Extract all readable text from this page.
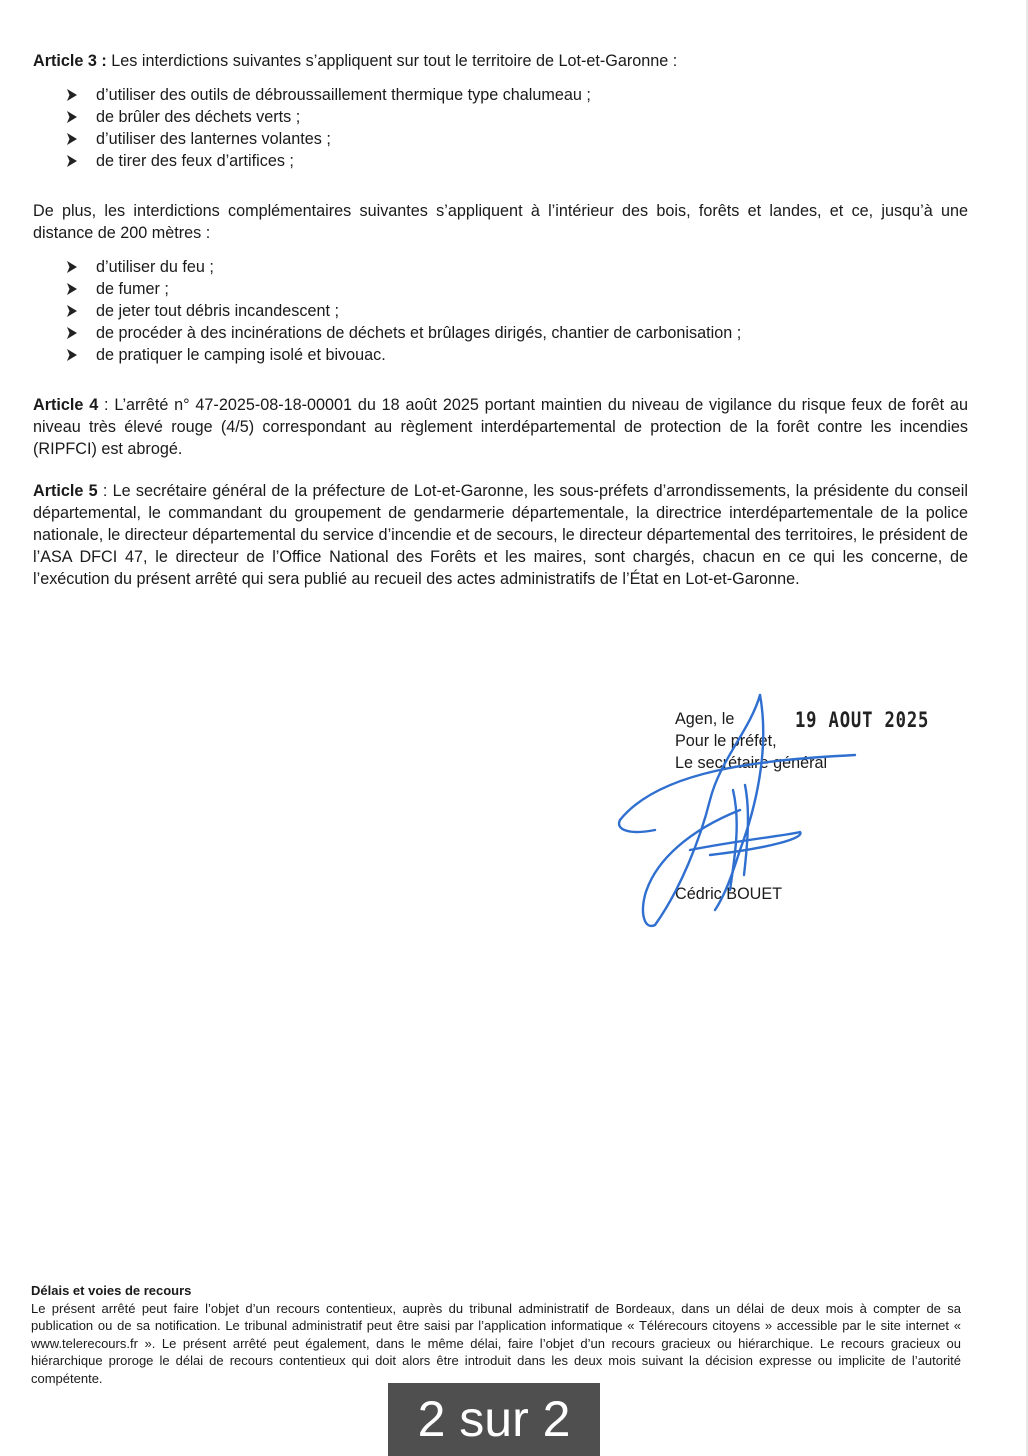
Article 3 : Les interdictions suivantes s’appliquent sur tout le territoire de Lot-et-Garonne :

d’utiliser des outils de débroussaillement thermique type chalumeau ;
de brûler des déchets verts ;
d’utiliser des lanternes volantes ;
de tirer des feux d’artifices ;

De plus, les interdictions complémentaires suivantes s’appliquent à l’intérieur des bois, forêts et landes, et ce, jusqu’à une distance de 200 mètres :

d’utiliser du feu ;
de fumer ;
de jeter tout débris incandescent ;
de procéder à des incinérations de déchets et brûlages dirigés, chantier de carbonisation ;
de pratiquer le camping isolé et bivouac.

Article 4 : L’arrêté n° 47-2025-08-18-00001 du 18 août 2025 portant maintien du niveau de vigilance du risque feux de forêt au niveau très élevé rouge (4/5) correspondant au règlement interdépartemental de protection de la forêt contre les incendies (RIPFCI) est abrogé.

Article 5 : Le secrétaire général de la préfecture de Lot-et-Garonne, les sous-préfets d’arrondissements, la présidente du conseil départemental, le commandant du groupement de gendarmerie départementale, la directrice interdépartementale de la police nationale, le directeur départemental du service d’incendie et de secours, le directeur départemental des territoires, le président de l’ASA DFCI 47, le directeur de l’Office National des Forêts et les maires, sont chargés, chacun en ce qui les concerne, de l’exécution du présent arrêté qui sera publié au recueil des actes administratifs de l’État en Lot-et-Garonne.

Agen, le
Pour le préfet,
19 AOUT 2025
Le secrétaire général
Cédric BOUET
Délais et voies de recours
Le présent arrêté peut faire l’objet d’un recours contentieux, auprès du tribunal administratif de Bordeaux, dans un délai de deux mois à compter de sa publication ou de sa notification. Le tribunal administratif peut être saisi par l’application informatique « Télérecours citoyens » accessible par le site internet « www.telerecours.fr ». Le présent arrêté peut également, dans le même délai, faire l’objet d’un recours gracieux ou hiérarchique. Le recours gracieux ou hiérarchique proroge le délai de recours contentieux qui doit alors être introduit dans les deux mois suivant la décision expresse ou implicite de l’autorité compétente.
2 sur 2
